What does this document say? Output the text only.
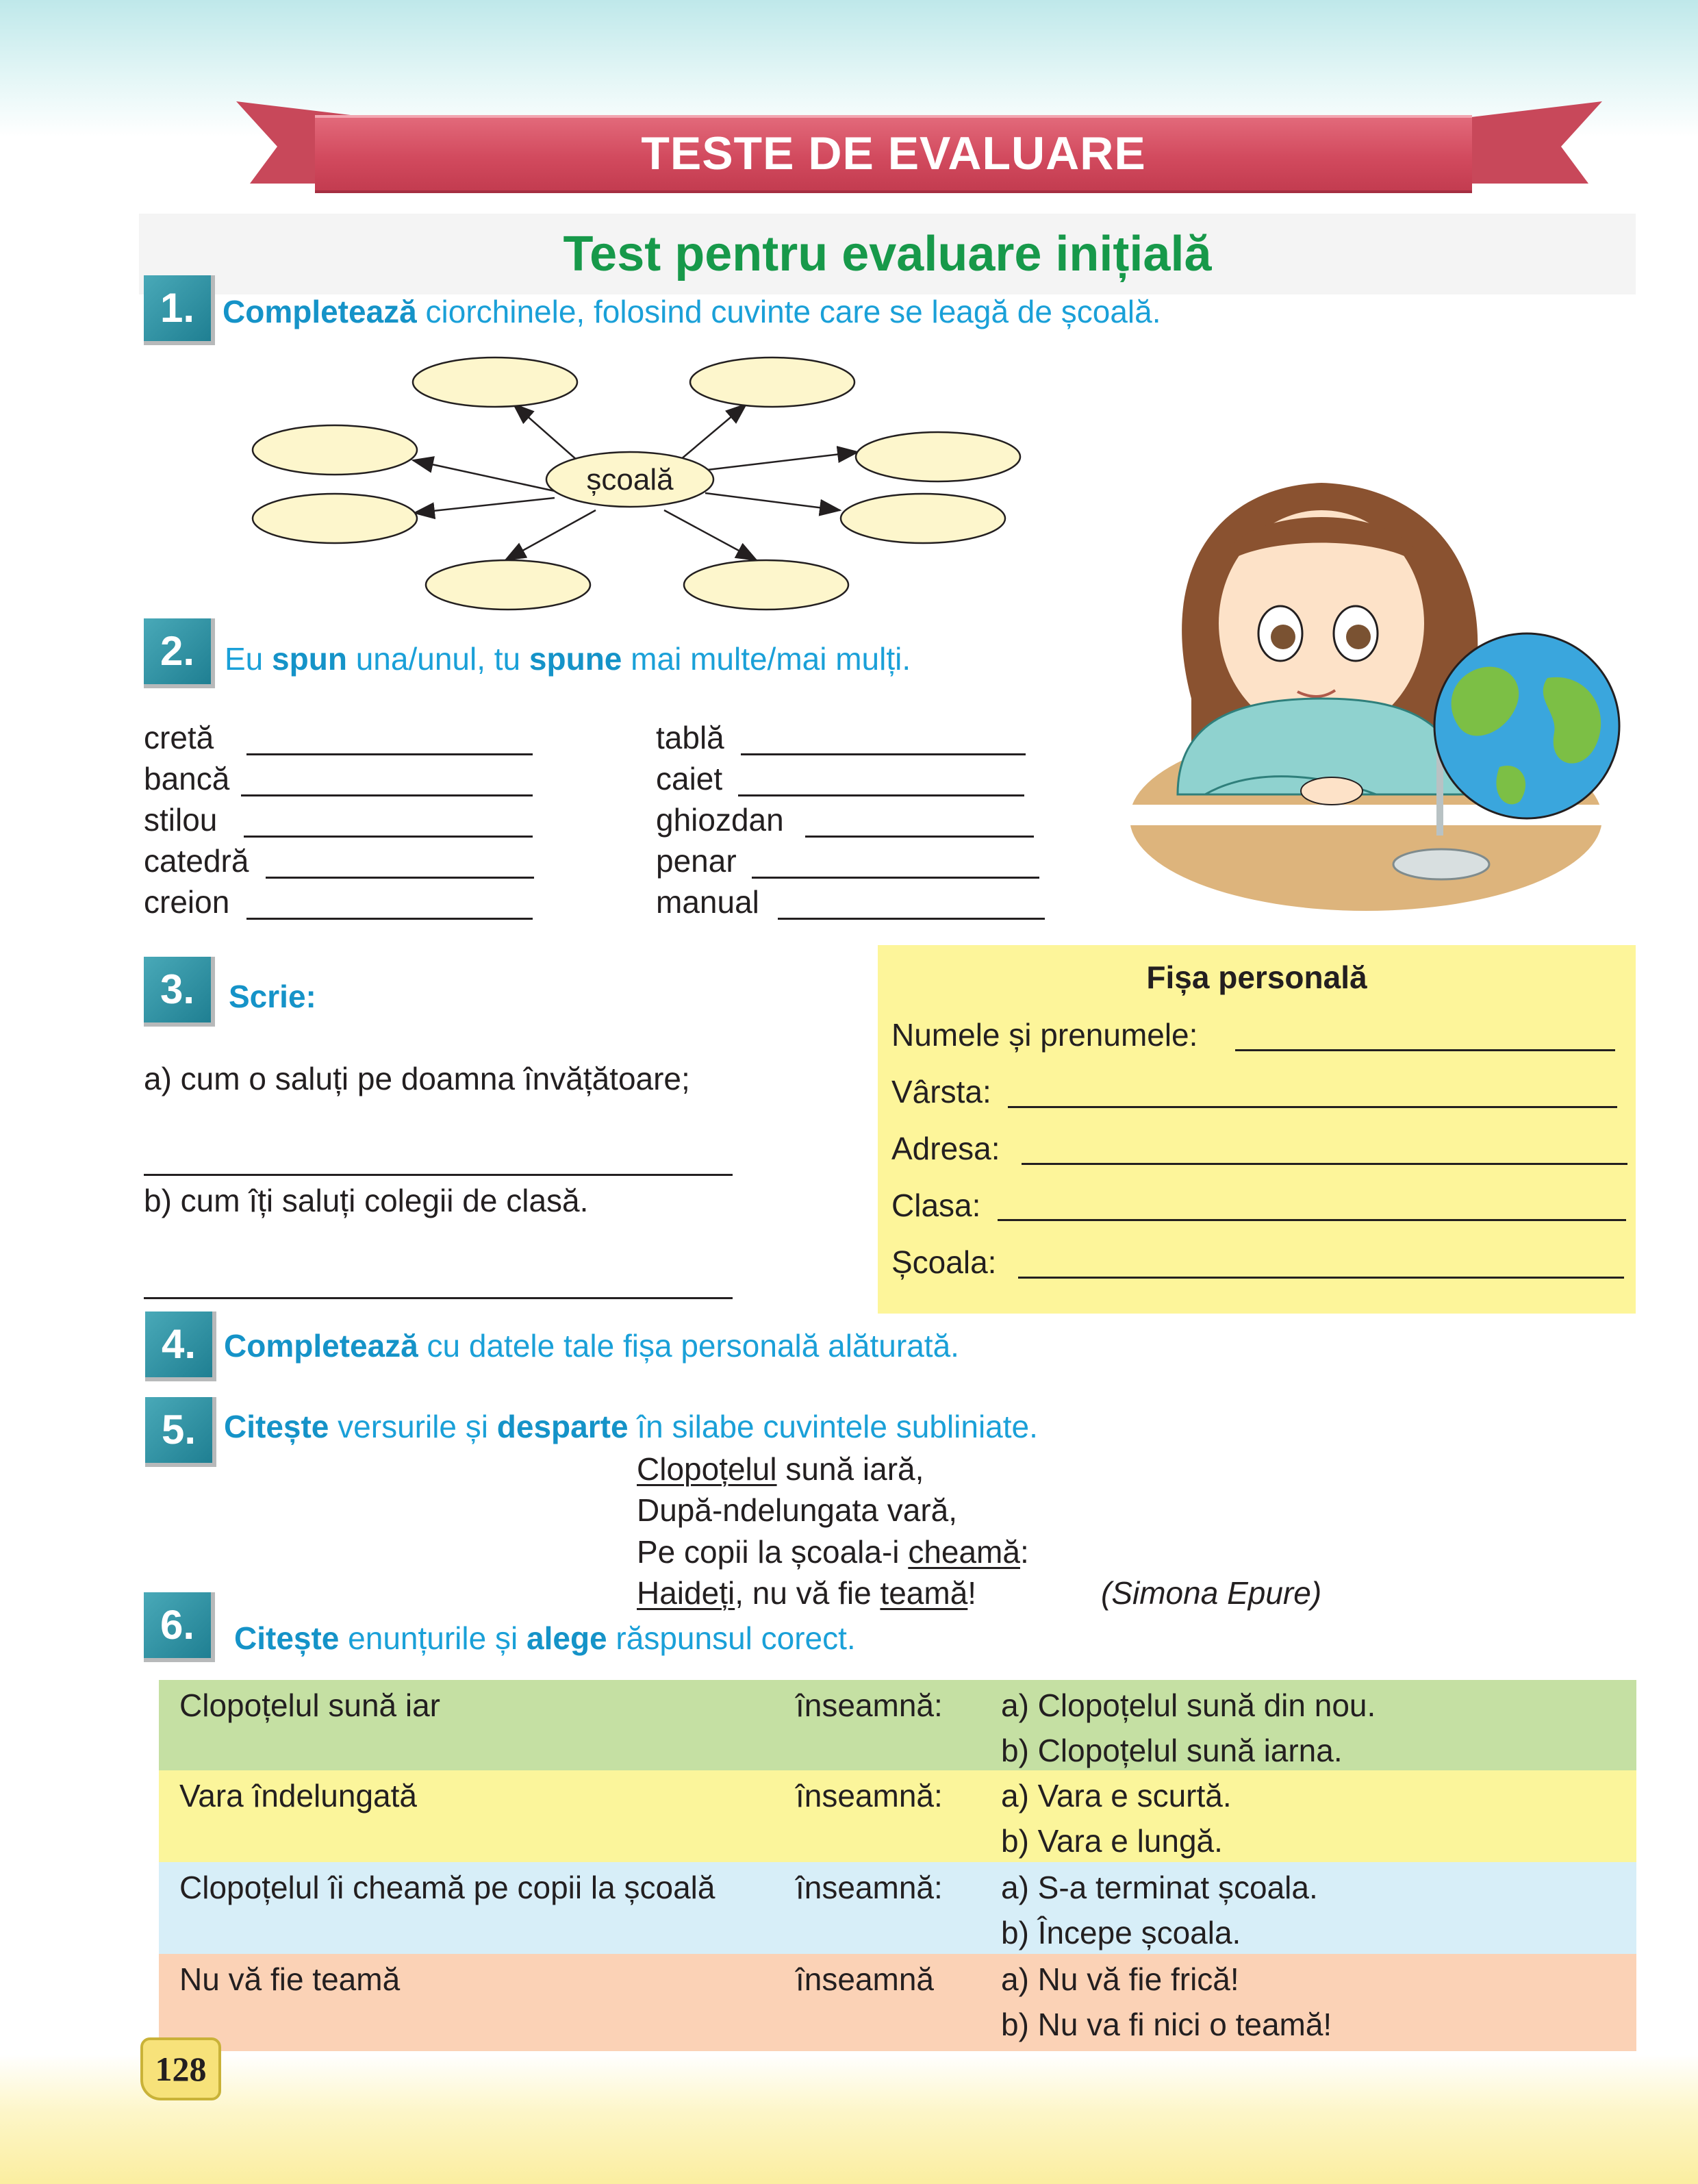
TESTE DE EVALUARE
Test pentru evaluare inițială
1. Completează ciorchinele, folosind cuvinte care se leagă de școală.
școală
2. Eu spun una/unul, tu spune mai multe/mai mulți.
cretă
bancă
stilou
catedră
creion
tablă
caiet
ghiozdan
penar
manual
3.	Scrie:
a) cum o saluți pe doamna învățătoare;
b) cum îți saluți colegii de clasă.
Fișa personală
Numele și prenumele:
Vârsta:
Adresa:
Clasa:
Școala:
4. Completează cu datele tale fișa personală alăturată.
5. Citește versurile și desparte în silabe cuvintele subliniate.
Clopoțelul sună iară,
După-ndelungata vară,
Pe copii la școala-i cheamă:
Haideți, nu vă fie teamă!	(Simona Epure)
6.	Citește enunțurile și alege răspunsul corect.
Clopoțelul sună iar	înseamnă: a) Clopoțelul sună din nou.
b) Clopoțelul sună iarna.
Vara îndelungată	înseamnă: a) Vara e scurtă.
b) Vara e lungă.
Clopoțelul îi cheamă pe copii la școală	înseamnă: a) S-a terminat școala.
b) Începe școala.
Nu vă fie teamă	înseamnă a) Nu vă fie frică!
b) Nu va fi nici o teamă!
128
